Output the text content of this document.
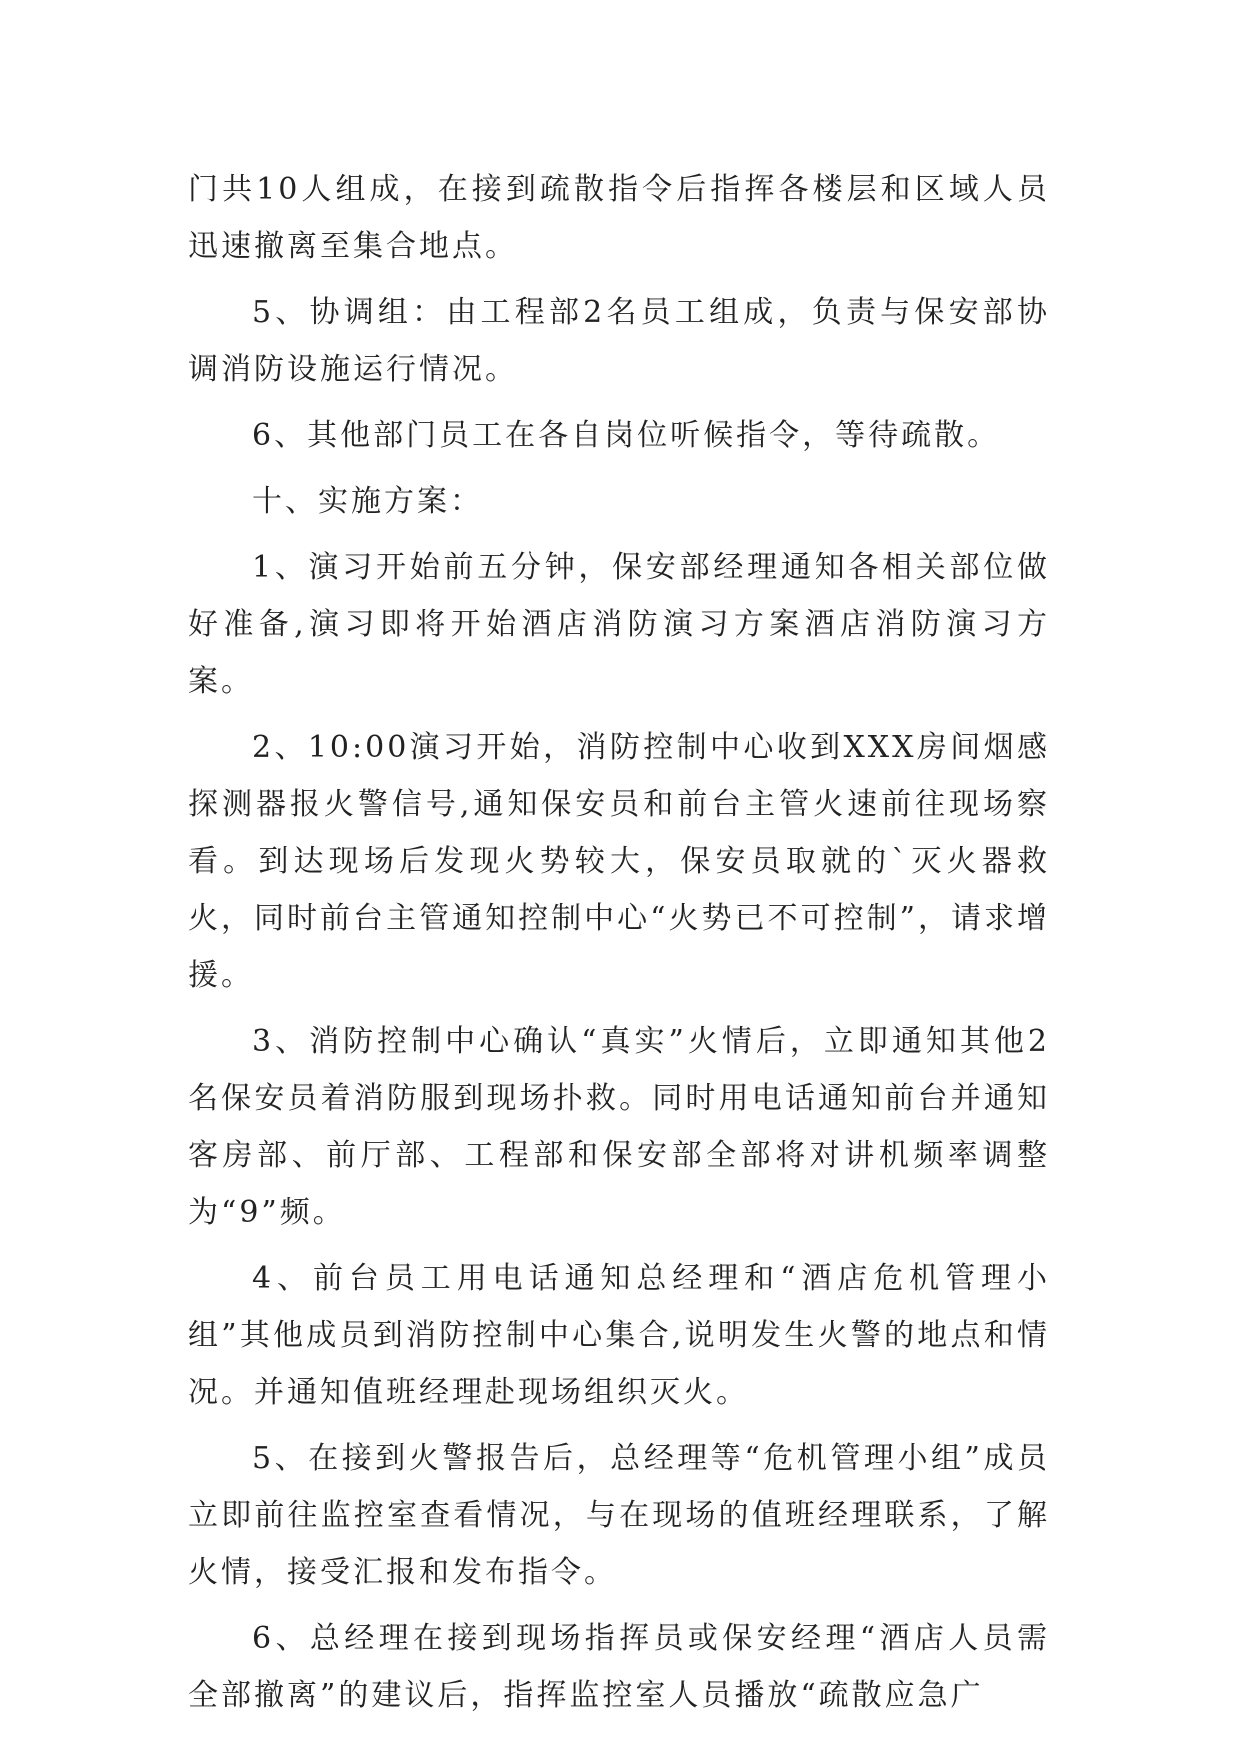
门共10人组成，在接到疏散指令后指挥各楼层和区域人员迅速撤离至集合地点。

5、协调组：由工程部2名员工组成，负责与保安部协调消防设施运行情况。

6、其他部门员工在各自岗位听候指令，等待疏散。

十、实施方案：

1、演习开始前五分钟，保安部经理通知各相关部位做好准备,演习即将开始酒店消防演习方案酒店消防演习方案。

2、10:00演习开始，消防控制中心收到XXX房间烟感探测器报火警信号,通知保安员和前台主管火速前往现场察看。到达现场后发现火势较大，保安员取就的`灭火器救火，同时前台主管通知控制中心“火势已不可控制”，请求增援。

3、消防控制中心确认“真实”火情后，立即通知其他2名保安员着消防服到现场扑救。同时用电话通知前台并通知客房部、前厅部、工程部和保安部全部将对讲机频率调整为“9”频。

4、前台员工用电话通知总经理和“酒店危机管理小组”其他成员到消防控制中心集合,说明发生火警的地点和情况。并通知值班经理赴现场组织灭火。

5、在接到火警报告后，总经理等“危机管理小组”成员立即前往监控室查看情况，与在现场的值班经理联系，了解火情，接受汇报和发布指令。

6、总经理在接到现场指挥员或保安经理“酒店人员需全部撤离”的建议后，指挥监控室人员播放“疏散应急广
